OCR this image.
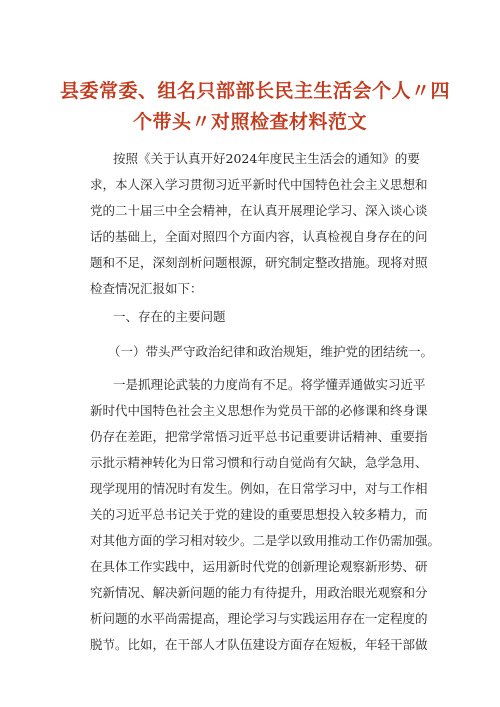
县委常委、组名只部部长民主生活会个人〃四
个带头〃对照检查材料范文
按照《关于认真开好2024年度民主生活会的通知》的要
求，本人深入学习贯彻习近平新时代中国特色社会主义思想和
党的二十届三中全会精神，在认真开展理论学习、深入谈心谈
话的基础上，全面对照四个方面内容，认真检视自身存在的问
题和不足，深刻剖析问题根源，研究制定整改措施。现将对照
检查情况汇报如下：
一、存在的主要问题
（一）带头严守政治纪律和政治规矩，维护党的团结统一。
一是抓理论武装的力度尚有不足。将学懂弄通做实习近平
新时代中国特色社会主义思想作为党员干部的必修课和终身课
仍存在差距，把常学常悟习近平总书记重要讲话精神、重要指
示批示精神转化为日常习惯和行动自觉尚有欠缺，急学急用、
现学现用的情况时有发生。例如，在日常学习中，对与工作相
关的习近平总书记关于党的建设的重要思想投入较多精力，而
对其他方面的学习相对较少。二是学以致用推动工作仍需加强。
在具体工作实践中，运用新时代党的创新理论观察新形势、研
究新情况、解决新问题的能力有待提升，用政治眼光观察和分
析问题的水平尚需提高，理论学习与实践运用存在一定程度的
脱节。比如，在干部人才队伍建设方面存在短板，年轻干部做
